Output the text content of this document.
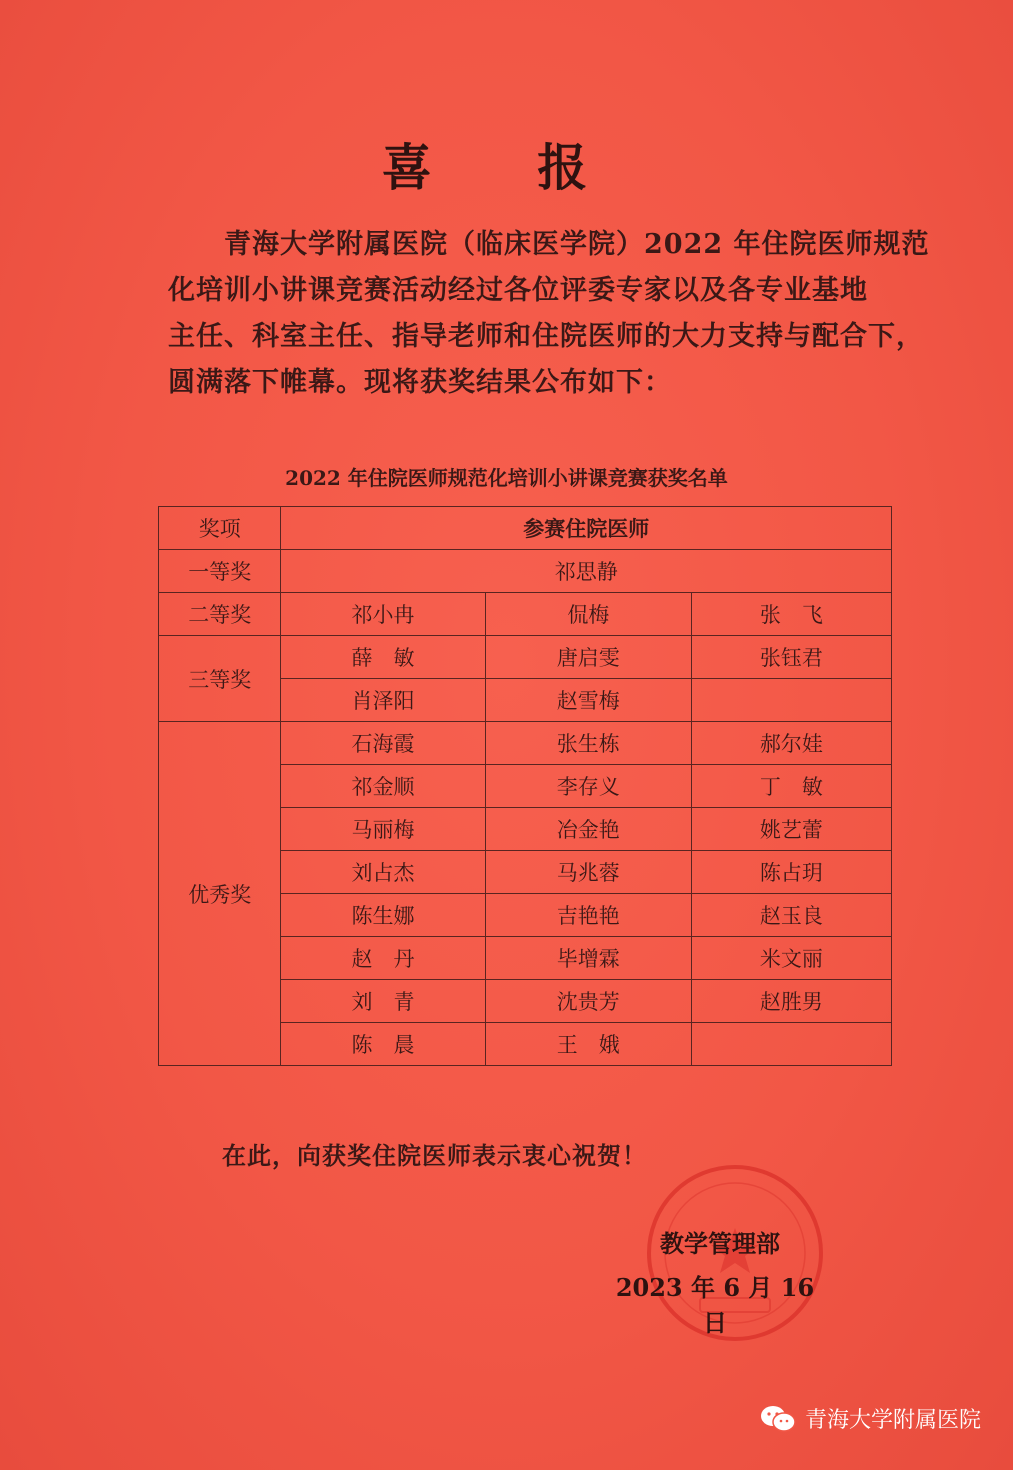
喜 报
青海大学附属医院（临床医学院）2022 年住院医师规范
化培训小讲课竞赛活动经过各位评委专家以及各专业基地
主任、科室主任、指导老师和住院医师的大力支持与配合下，
圆满落下帷幕。现将获奖结果公布如下：
2022 年住院医师规范化培训小讲课竞赛获奖名单
奖项	参赛住院医师		
一等奖	祁思静		
二等奖	祁小冉	侃梅	张　飞
三等奖	薛　敏	唐启雯	张钰君
	肖泽阳	赵雪梅	
优秀奖	石海霞	张生栋	郝尔娃
	祁金顺	李存义	丁　敏
	马丽梅	冶金艳	姚艺蕾
	刘占杰	马兆蓉	陈占玥
	陈生娜	吉艳艳	赵玉良
	赵　丹	毕增霖	米文丽
	刘　青	沈贵芳	赵胜男
	陈　晨	王　娥	
在此，向获奖住院医师表示衷心祝贺！
教学管理部
2023 年 6 月 16 日
青海大学附属医院
